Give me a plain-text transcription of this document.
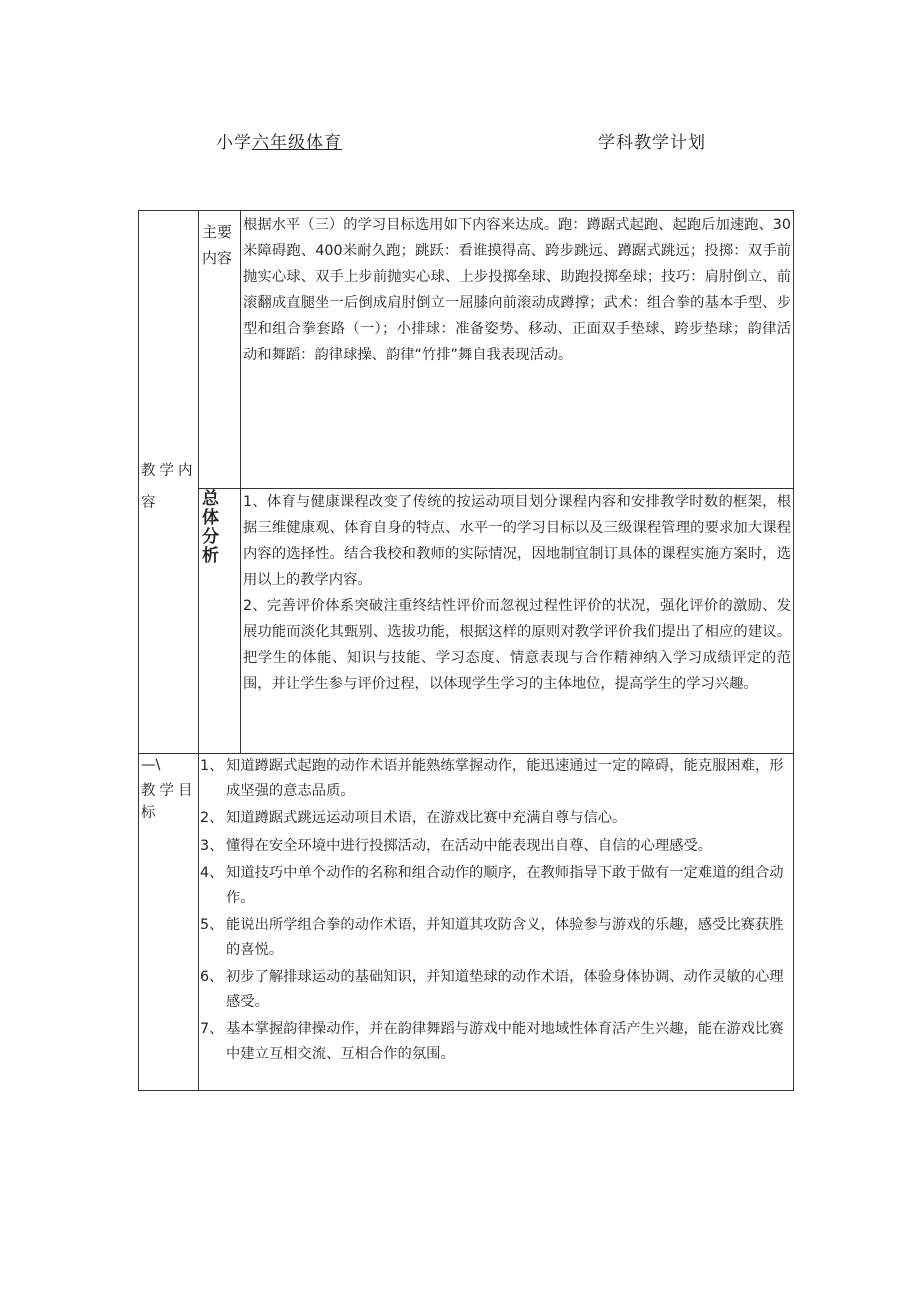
小学六年级体育	学科教学计划
教学内
容
主要
内容

根据水平（三）的学习目标选用如下内容来达成。跑：蹲踞式起跑、起跑后加速跑、30米障碍跑、400米耐久跑；跳跃：看谁摸得高、跨步跳远、蹲踞式跳远；投掷：双手前抛实心球、双手上步前抛实心球、上步投掷垒球、助跑投掷垒球；技巧：肩肘倒立、前滚翻成直腿坐一后倒成肩肘倒立一屈膝向前滚动成蹲撑；武术：组合拳的基本手型、步型和组合拳套路（一）；小排球：准备姿势、移动、正面双手垫球、跨步垫球；韵律活动和舞蹈：韵律球操、韵律“竹排”舞自我表现活动。

总体分析

1、体育与健康课程改变了传统的按运动项目划分课程内容和安排教学时数的框架，根据三维健康观、体育自身的特点、水平一的学习目标以及三级课程管理的要求加大课程内容的选择性。结合我校和教师的实际情况，因地制宜制订具体的课程实施方案时，选用以上的教学内容。

2、完善评价体系突破注重终结性评价而忽视过程性评价的状况，强化评价的激励、发展功能而淡化其甄别、选拔功能，根据这样的原则对教学评价我们提出了相应的建议。把学生的体能、知识与技能、学习态度、情意表现与合作精神纳入学习成绩评定的范围，并让学生参与评价过程，以体现学生学习的主体地位，提高学生的学习兴趣。

—\
教学目
标
1、 知道蹲踞式起跑的动作术语并能熟练掌握动作，能迅速通过一定的障碍，能克服困难，形成坚强的意志品质。
2、 知道蹲踞式跳远运动项目术语，在游戏比赛中充满自尊与信心。
3、 懂得在安全环境中进行投掷活动，在活动中能表现出自尊、自信的心理感受。
4、 知道技巧中单个动作的名称和组合动作的顺序，在教师指导下敢于做有一定难道的组合动作。
5、 能说出所学组合拳的动作术语，并知道其攻防含义，体验参与游戏的乐趣，感受比赛获胜的喜悦。
6、 初步了解排球运动的基础知识，并知道垫球的动作术语，体验身体协调、动作灵敏的心理感受。
7、 基本掌握韵律操动作，并在韵律舞蹈与游戏中能对地域性体育活产生兴趣，能在游戏比赛中建立互相交流、互相合作的氛围。
